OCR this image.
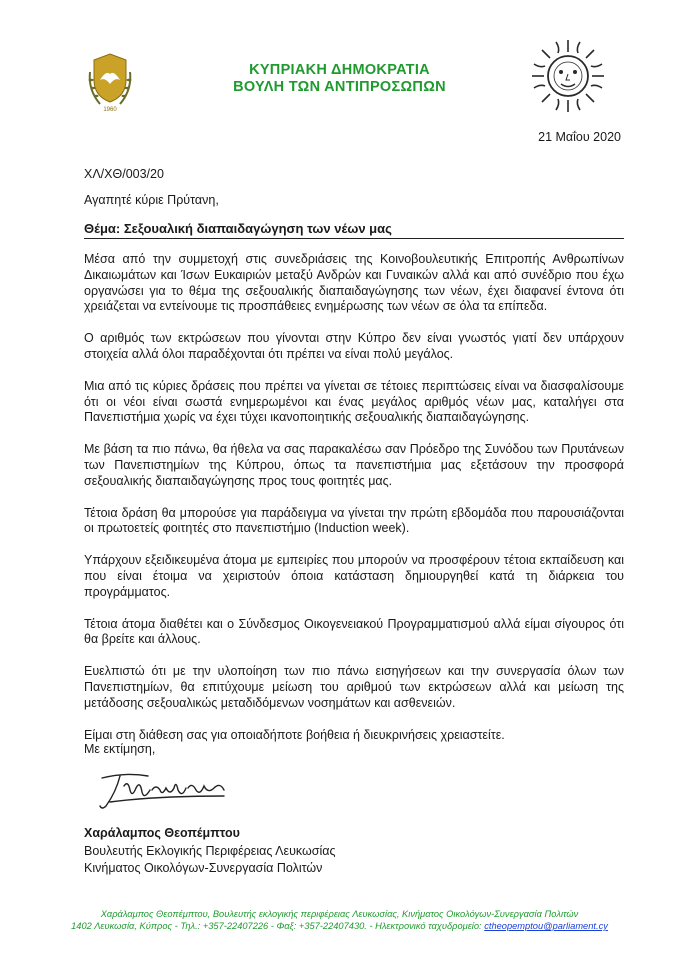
1960
ΚΥΠΡΙΑΚΗ ΔΗΜΟΚΡΑΤΙΑ
ΒΟΥΛΗ ΤΩΝ ΑΝΤΙΠΡΟΣΩΠΩΝ
21 Μαΐου 2020
ΧΛ/ΧΘ/003/20
Αγαπητέ κύριε Πρύτανη,
Θέμα: Σεξουαλική διαπαιδαγώγηση των νέων μας

Μέσα από την συμμετοχή στις συνεδριάσεις της Κοινοβουλευτικής Επιτροπής Ανθρωπίνων Δικαιωμάτων και Ίσων Ευκαιριών μεταξύ Ανδρών και Γυναικών αλλά και από συνέδριο που έχω οργανώσει για το θέμα της σεξουαλικής διαπαιδαγώγησης των νέων, έχει διαφανεί έντονα ότι χρειάζεται να εντείνουμε τις προσπάθειες ενημέρωσης των νέων σε όλα τα επίπεδα.

Ο αριθμός των εκτρώσεων που γίνονται στην Κύπρο δεν είναι γνωστός γιατί δεν υπάρχουν στοιχεία αλλά όλοι παραδέχονται ότι πρέπει να είναι πολύ μεγάλος.

Μια από τις κύριες δράσεις που πρέπει να γίνεται σε τέτοιες περιπτώσεις είναι να διασφαλίσουμε ότι οι νέοι είναι σωστά ενημερωμένοι και ένας μεγάλος αριθμός νέων μας, καταλήγει στα Πανεπιστήμια χωρίς να έχει τύχει ικανοποιητικής σεξουαλικής διαπαιδαγώγησης.

Με βάση τα πιο πάνω, θα ήθελα να σας παρακαλέσω σαν Πρόεδρο της Συνόδου των Πρυτάνεων των Πανεπιστημίων της Κύπρου, όπως τα πανεπιστήμια μας εξετάσουν την προσφορά σεξουαλικής διαπαιδαγώγησης προς τους φοιτητές μας.

Τέτοια δράση θα μπορούσε για παράδειγμα να γίνεται την πρώτη εβδομάδα που παρουσιάζονται οι πρωτοετείς φοιτητές στο πανεπιστήμιο (Induction week).

Υπάρχουν εξειδικευμένα άτομα με εμπειρίες που μπορούν να προσφέρουν τέτοια εκπαίδευση και που είναι έτοιμα να χειριστούν όποια κατάσταση δημιουργηθεί κατά τη διάρκεια του προγράμματος.

Τέτοια άτομα διαθέτει και ο Σύνδεσμος Οικογενειακού Προγραμματισμού αλλά είμαι σίγουρος ότι θα βρείτε και άλλους.

Ευελπιστώ ότι με την υλοποίηση των πιο πάνω εισηγήσεων και την συνεργασία όλων των Πανεπιστημίων, θα επιτύχουμε μείωση του αριθμού των εκτρώσεων αλλά και μείωση της μετάδοσης σεξουαλικώς μεταδιδόμενων νοσημάτων και ασθενειών.

Είμαι στη διάθεση σας για οποιαδήποτε βοήθεια ή διευκρινήσεις χρειαστείτε.

Με εκτίμηση,
Χαράλαμπος Θεοπέμπτου
Βουλευτής Εκλογικής Περιφέρειας Λευκωσίας
Κινήματος Οικολόγων-Συνεργασία Πολιτών
Χαράλαμπος Θεοπέμπτου, Βουλευτής εκλογικής περιφέρειας Λευκωσίας, Κινήματος Οικολόγων-Συνεργασία Πολιτών
1402 Λευκωσία, Κύπρος - Τηλ.: +357-22407226 - Φαξ: +357-22407430. - Ηλεκτρονικό ταχυδρομείο: ctheopemptou@parliament.cy
